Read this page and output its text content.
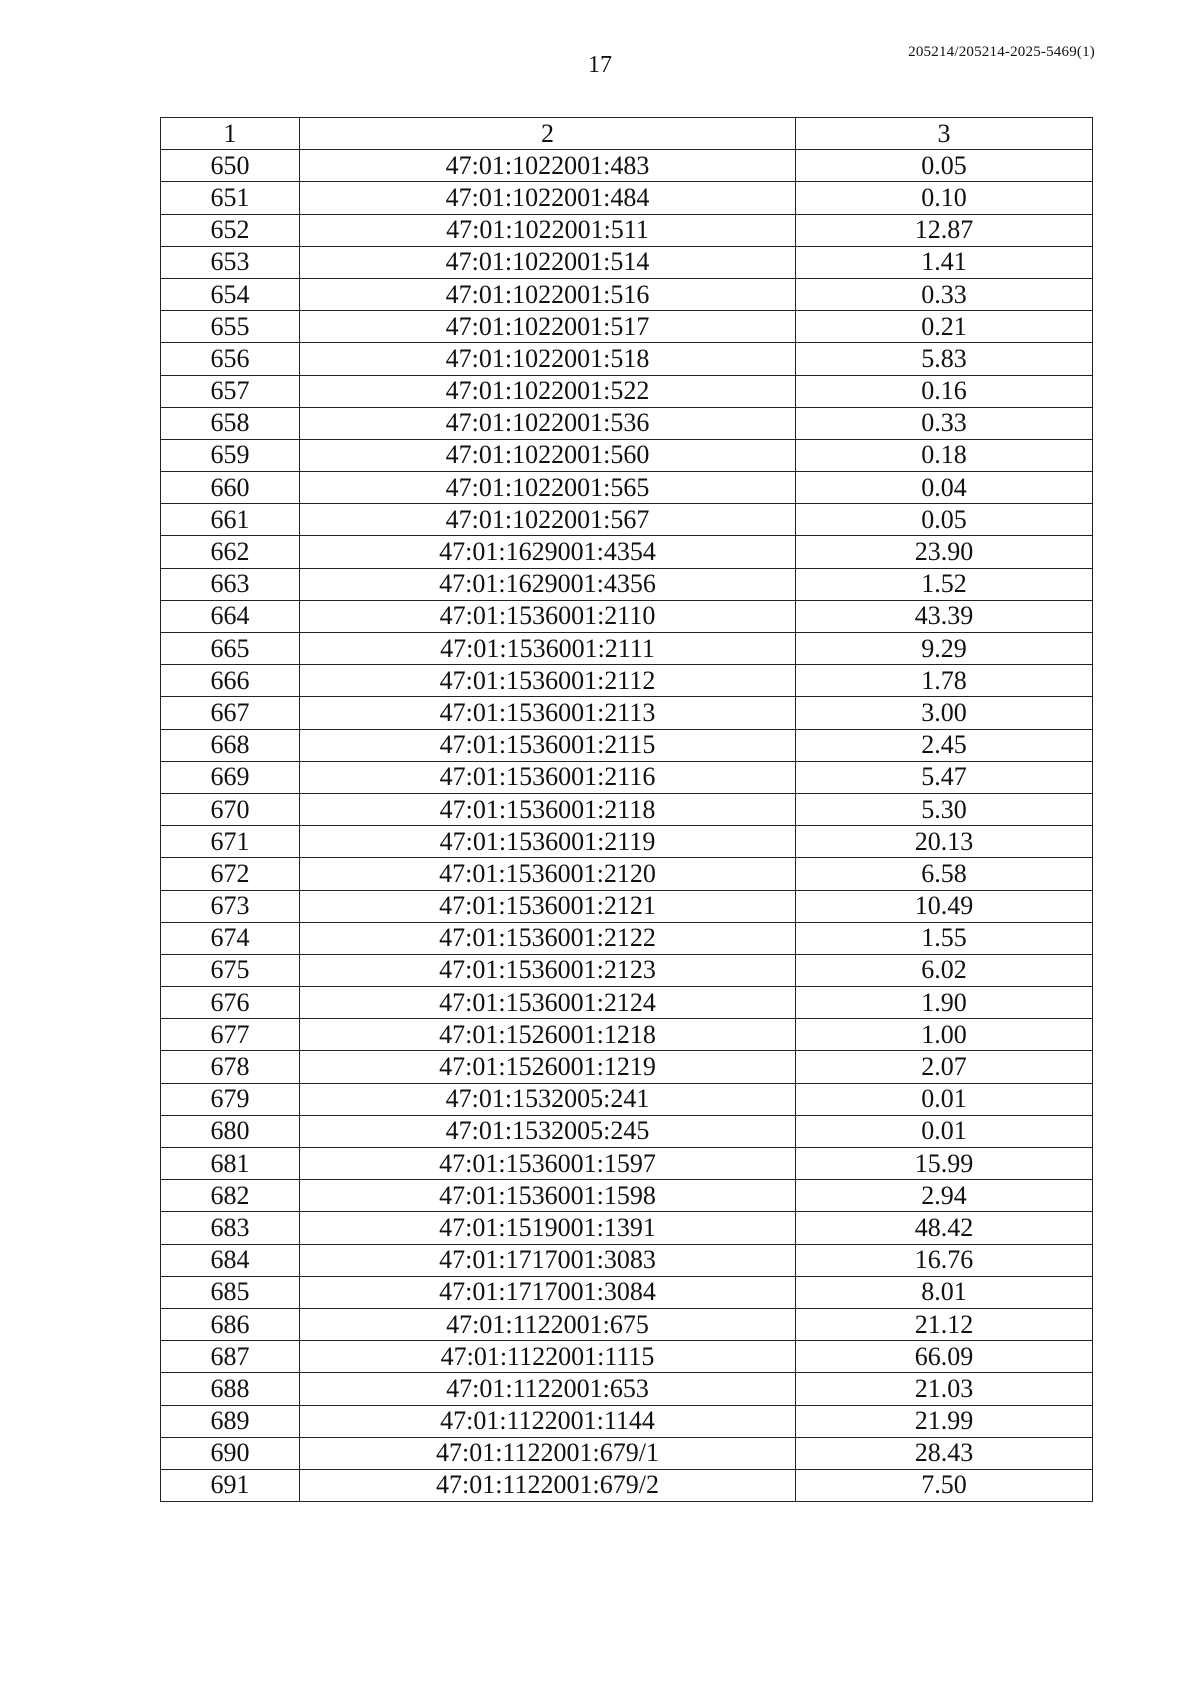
17	205214/205214-2025-5469(1)
1	2	3
650	47:01:1022001:483	0.05
651	47:01:1022001:484	0.10
652	47:01:1022001:511	12.87
653	47:01:1022001:514	1.41
654	47:01:1022001:516	0.33
655	47:01:1022001:517	0.21
656	47:01:1022001:518	5.83
657	47:01:1022001:522	0.16
658	47:01:1022001:536	0.33
659	47:01:1022001:560	0.18
660	47:01:1022001:565	0.04
661	47:01:1022001:567	0.05
662	47:01:1629001:4354	23.90
663	47:01:1629001:4356	1.52
664	47:01:1536001:2110	43.39
665	47:01:1536001:2111	9.29
666	47:01:1536001:2112	1.78
667	47:01:1536001:2113	3.00
668	47:01:1536001:2115	2.45
669	47:01:1536001:2116	5.47
670	47:01:1536001:2118	5.30
671	47:01:1536001:2119	20.13
672	47:01:1536001:2120	6.58
673	47:01:1536001:2121	10.49
674	47:01:1536001:2122	1.55
675	47:01:1536001:2123	6.02
676	47:01:1536001:2124	1.90
677	47:01:1526001:1218	1.00
678	47:01:1526001:1219	2.07
679	47:01:1532005:241	0.01
680	47:01:1532005:245	0.01
681	47:01:1536001:1597	15.99
682	47:01:1536001:1598	2.94
683	47:01:1519001:1391	48.42
684	47:01:1717001:3083	16.76
685	47:01:1717001:3084	8.01
686	47:01:1122001:675	21.12
687	47:01:1122001:1115	66.09
688	47:01:1122001:653	21.03
689	47:01:1122001:1144	21.99
690	47:01:1122001:679/1	28.43
691	47:01:1122001:679/2	7.50
